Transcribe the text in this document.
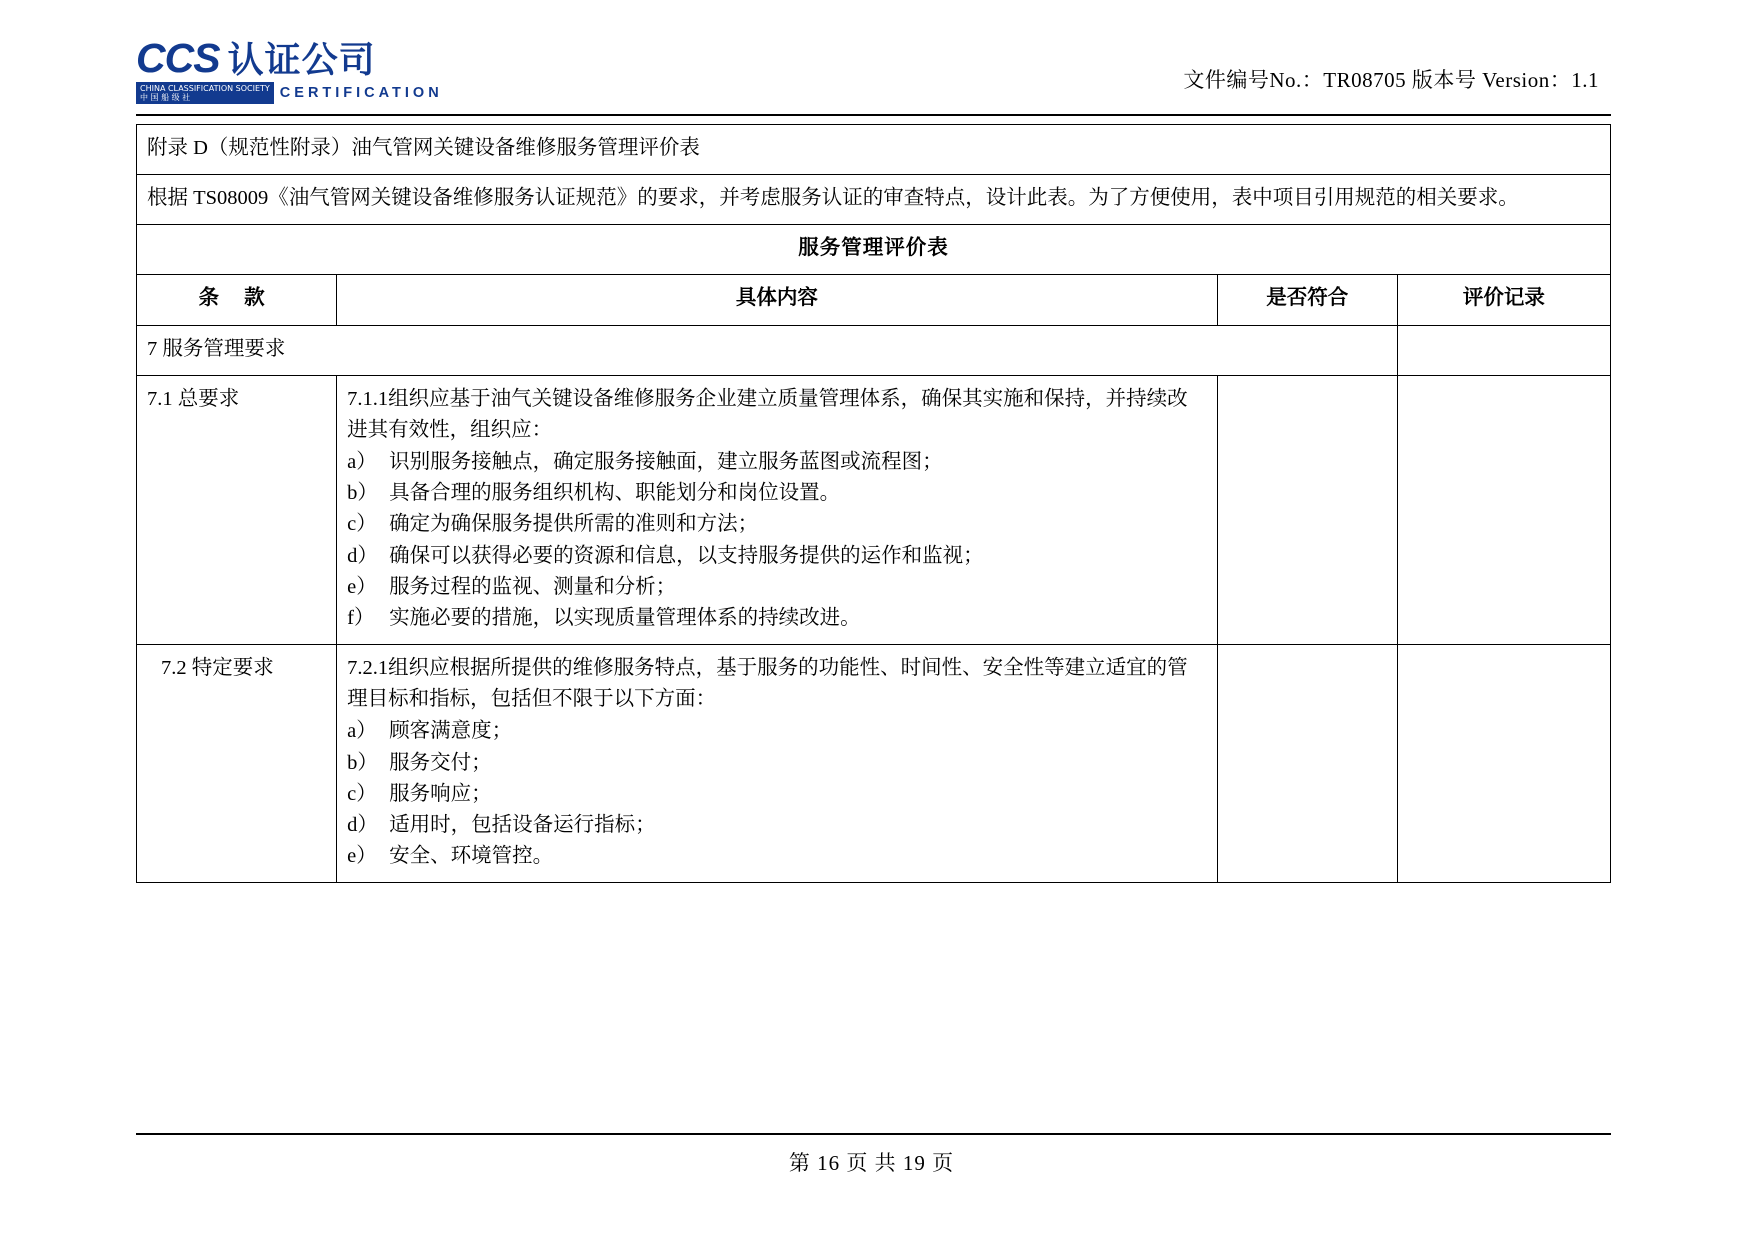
CCS 认证公司
CHINA CLASSIFICATION SOCIETY
中 国 船 级 社	CERTIFICATION
文件编号No.：TR08705 版本号 Version：1.1
附录 D（规范性附录）油气管网关键设备维修服务管理评价表			
根据 TS08009《油气管网关键设备维修服务认证规范》的要求，并考虑服务认证的审查特点，设计此表。为了方便使用，表中项目引用规范的相关要求。			
服务管理评价表			
条 款	具体内容	是否符合	评价记录
7 服务管理要求			
7.1 总要求	7.1.1组织应基于油气关键设备维修服务企业建立质量管理体系，确保其实施和保持，并持续改进其有效性，组织应：

a） 识别服务接触点，确定服务接触面，建立服务蓝图或流程图；

b） 具备合理的服务组织机构、职能划分和岗位设置。

c） 确定为确保服务提供所需的准则和方法；

d） 确保可以获得必要的资源和信息，以支持服务提供的运作和监视；

e） 服务过程的监视、测量和分析；

f） 实施必要的措施，以实现质量管理体系的持续改进。

7.2 特定要求	7.2.1组织应根据所提供的维修服务特点，基于服务的功能性、时间性、安全性等建立适宜的管理目标和指标，包括但不限于以下方面：

a） 顾客满意度；

b） 服务交付；

c） 服务响应；

d） 适用时，包括设备运行指标；

e） 安全、环境管控。

第 16 页 共 19 页
